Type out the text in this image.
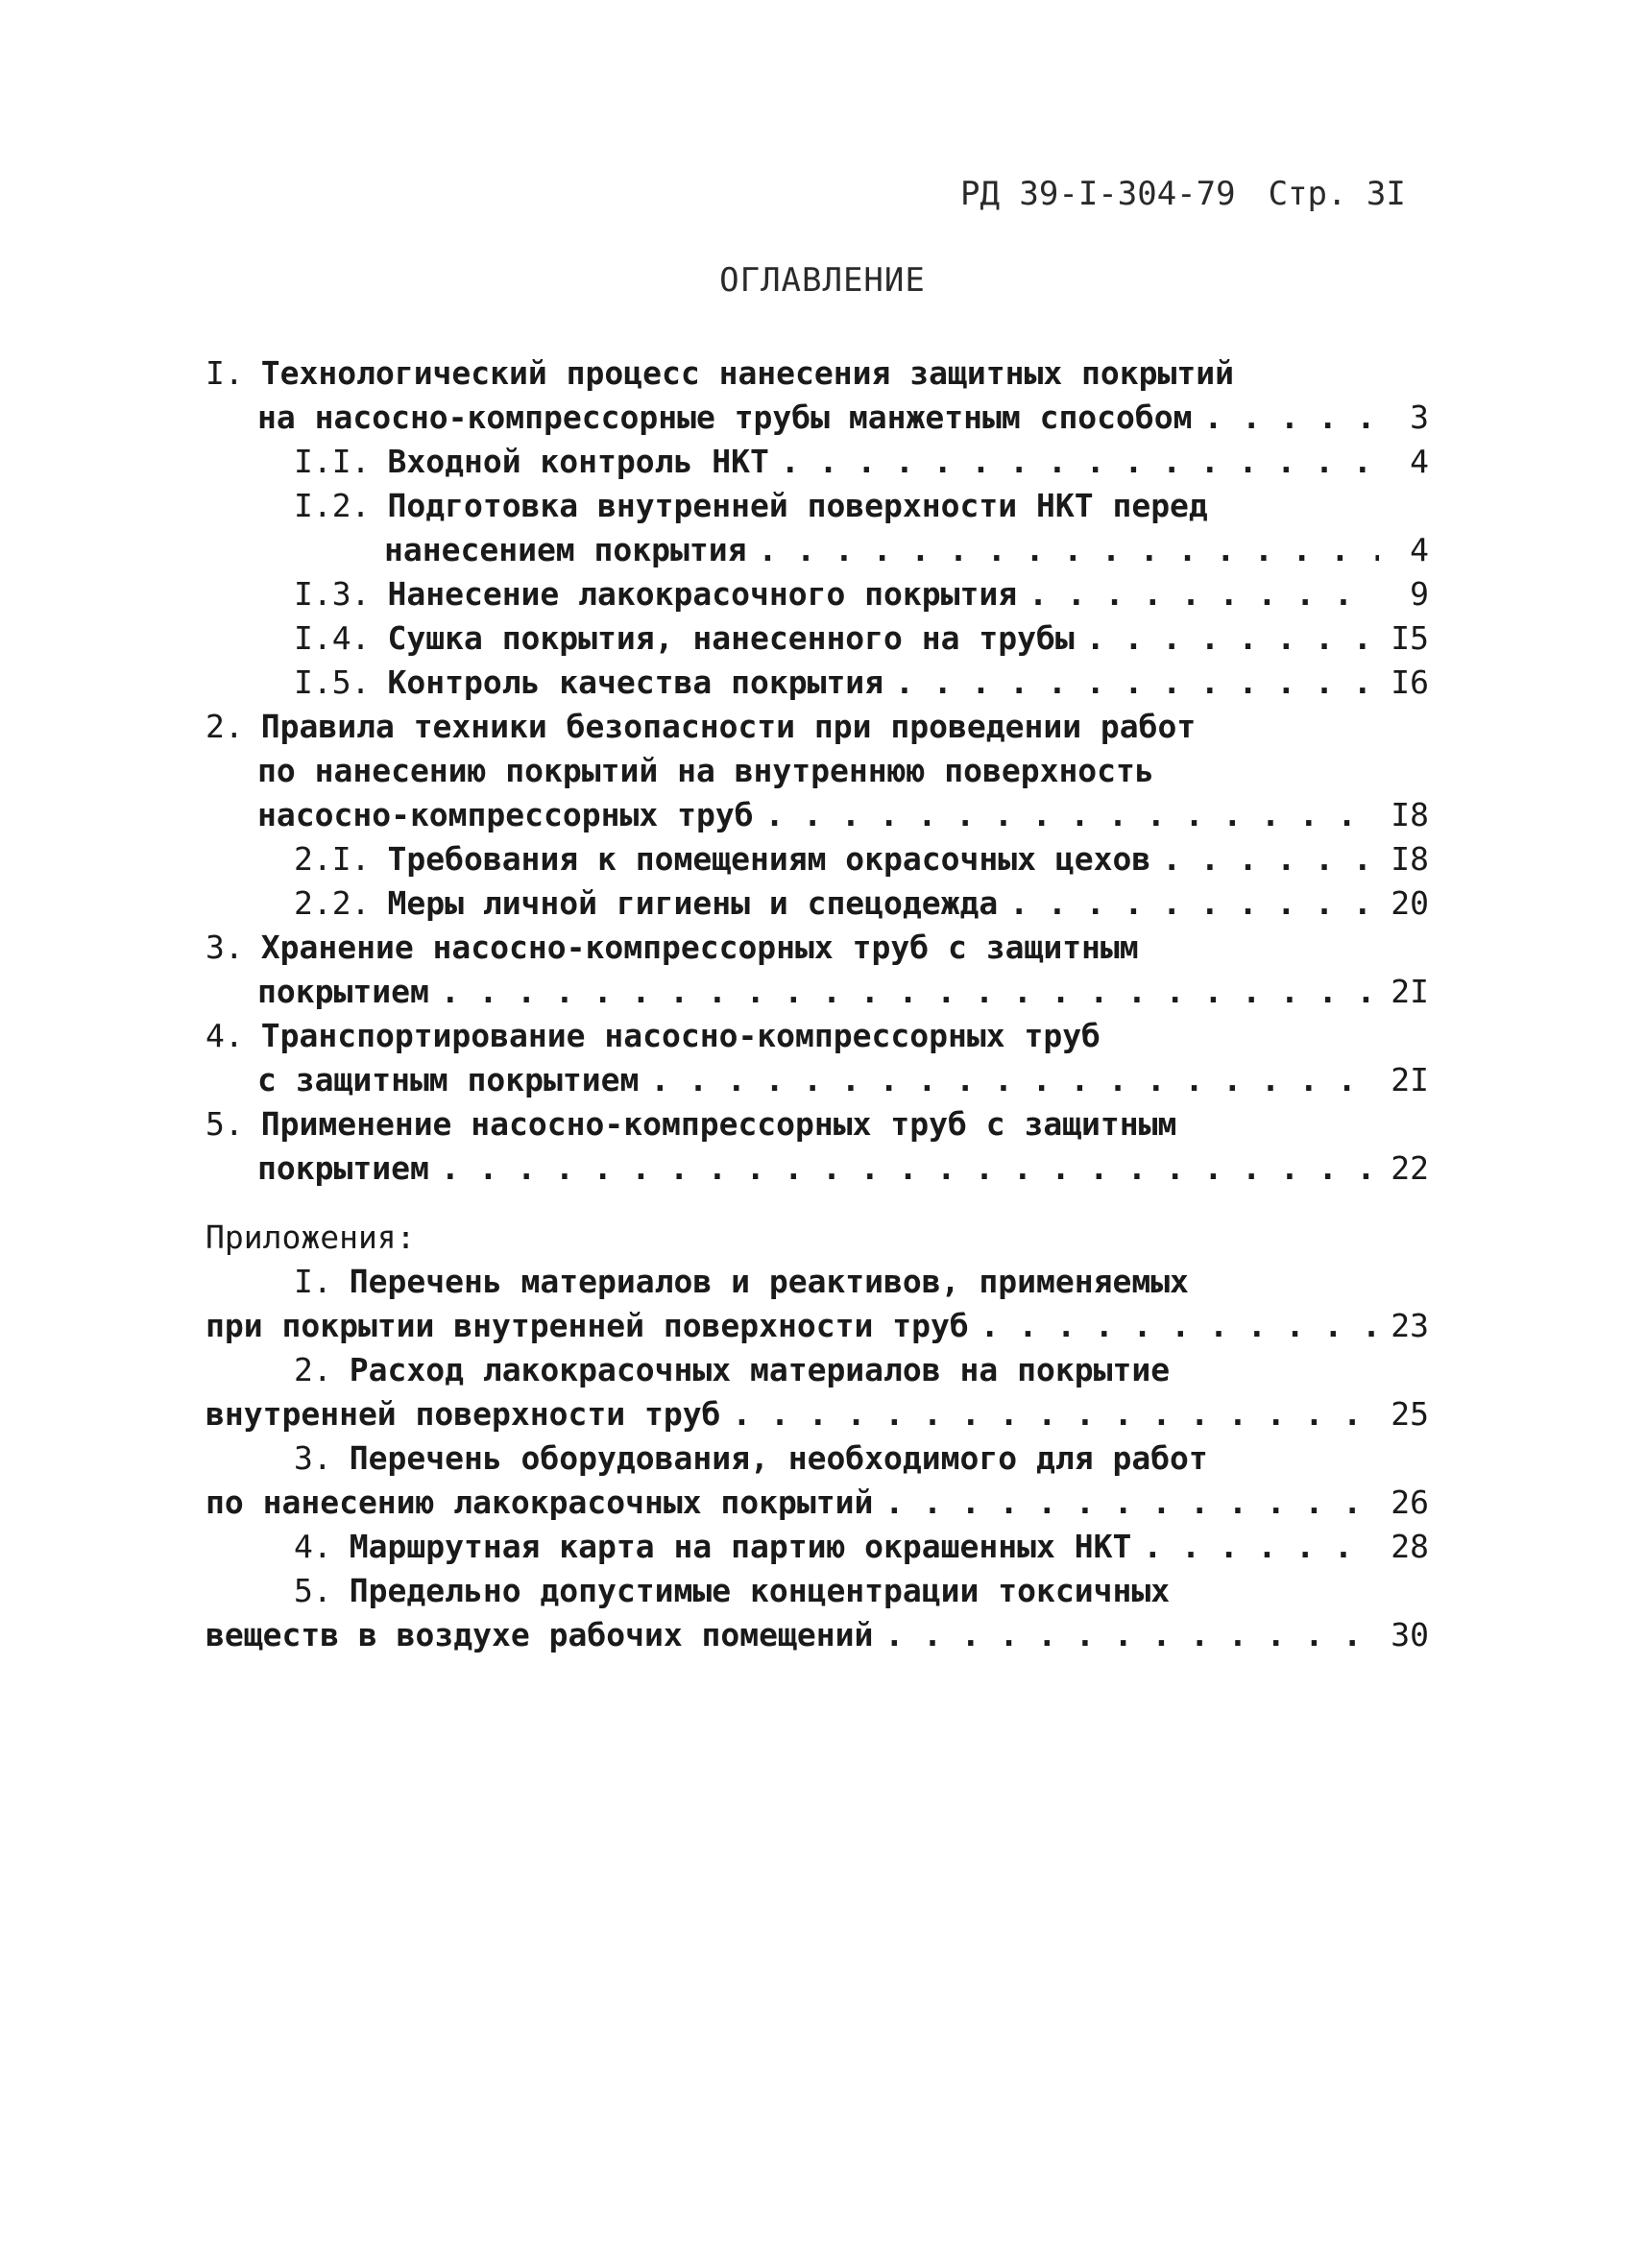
РД 39-I-304-79 Стр. 3I
ОГЛАВЛЕНИЕ
I. Технологический процесс нанесения защитных покрытий
на насосно-компрессорные трубы манжетным способом . . .	3
I.I. Входной контроль НКТ . . .	4
I.2. Подготовка внутренней поверхности НКТ перед
нанесением покрытия . . .	4
I.3. Нанесение лакокрасочного покрытия . . .	9
I.4. Сушка покрытия, нанесенного на трубы . . .	I5
I.5. Контроль качества покрытия . . .	I6
2. Правила техники безопасности при проведении работ
по нанесению покрытий на внутреннюю поверхность
насосно-компрессорных труб . . .	I8
2.I. Требования к помещениям окрасочных цехов . . .	I8
2.2. Меры личной гигиены и спецодежда . . .	20
3. Хранение насосно-компрессорных труб с защитным
покрытием . . .	2I
4. Транспортирование насосно-компрессорных труб
с защитным покрытием . . .	2I
5. Применение насосно-компрессорных труб с защитным
покрытием . . .	22
Приложения:
I. Перечень материалов и реактивов, применяемых
при покрытии внутренней поверхности труб . . .	23
2. Расход лакокрасочных материалов на покрытие
внутренней поверхности труб . . .	25
3. Перечень оборудования, необходимого для работ
по нанесению лакокрасочных покрытий . . .	26
4. Маршрутная карта на партию окрашенных НКТ . . .	28
5. Предельно допустимые концентрации токсичных
веществ в воздухе рабочих помещений . . .	30
